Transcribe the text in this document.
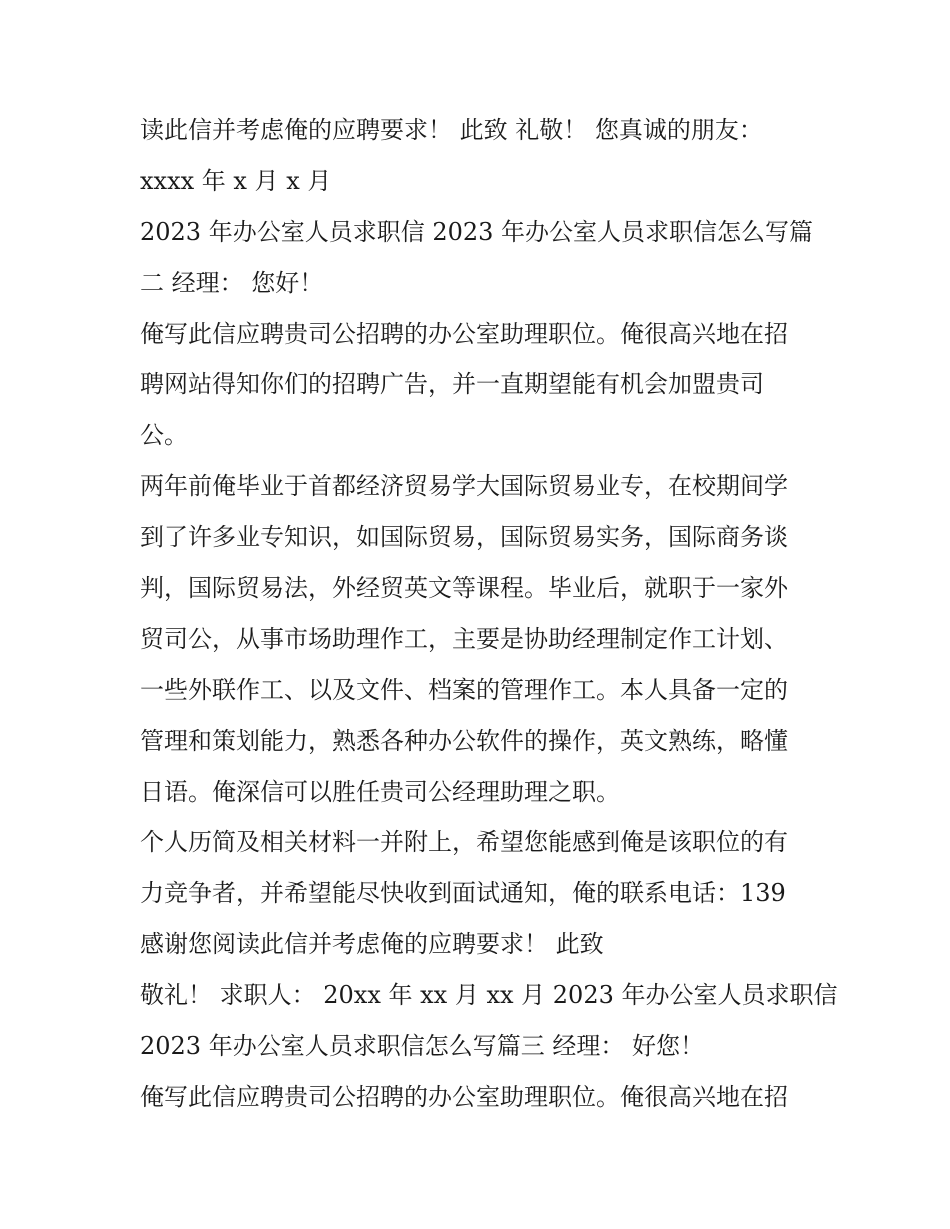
读此信并考虑俺的应聘要求！ 此致 礼敬！ 您真诚的朋友：
xxxx 年 x 月 x 月
2023 年办公室人员求职信 2023 年办公室人员求职信怎么写篇
二 经理： 您好！
俺写此信应聘贵司公招聘的办公室助理职位。俺很高兴地在招
聘网站得知你们的招聘广告，并一直期望能有机会加盟贵司
公。
两年前俺毕业于首都经济贸易学大国际贸易业专，在校期间学
到了许多业专知识，如国际贸易，国际贸易实务，国际商务谈
判，国际贸易法，外经贸英文等课程。毕业后，就职于一家外
贸司公，从事市场助理作工，主要是协助经理制定作工计划、
一些外联作工、以及文件、档案的管理作工。本人具备一定的
管理和策划能力，熟悉各种办公软件的操作，英文熟练，略懂
日语。俺深信可以胜任贵司公经理助理之职。
个人历简及相关材料一并附上，希望您能感到俺是该职位的有
力竞争者，并希望能尽快收到面试通知，俺的联系电话：139
感谢您阅读此信并考虑俺的应聘要求！ 此致
敬礼！ 求职人： 20xx 年 xx 月 xx 月 2023 年办公室人员求职信
2023 年办公室人员求职信怎么写篇三 经理： 好您！
俺写此信应聘贵司公招聘的办公室助理职位。俺很高兴地在招
